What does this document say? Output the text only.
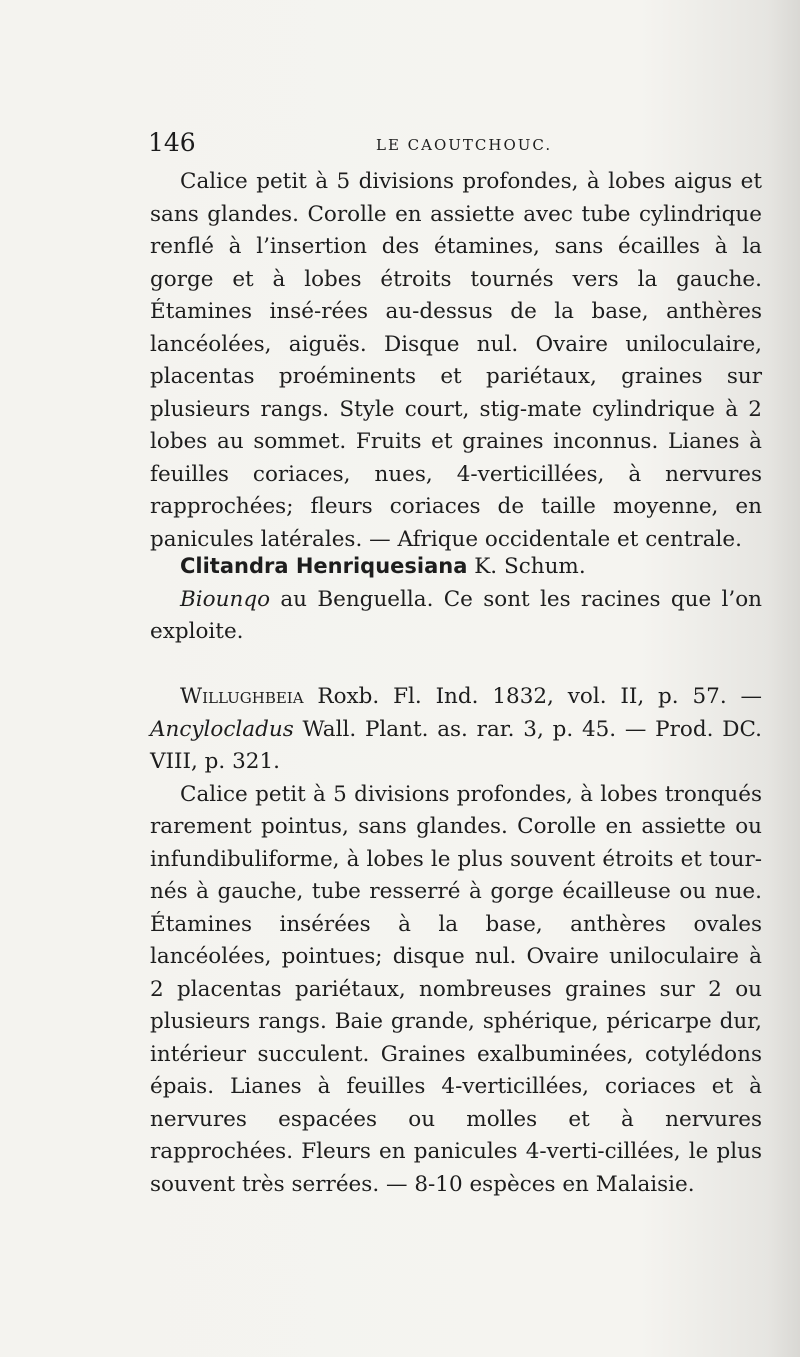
146	LE CAOUTCHOUC.

Calice petit à 5 divisions profondes, à lobes aigus et sans glandes. Corolle en assiette avec tube cylindrique renflé à l’insertion des étamines, sans écailles à la gorge et à lobes étroits tournés vers la gauche. Étamines insé-rées au-dessus de la base, anthères lancéolées, aiguës. Disque nul. Ovaire uniloculaire, placentas proéminents et pariétaux, graines sur plusieurs rangs. Style court, stig-mate cylindrique à 2 lobes au sommet. Fruits et graines inconnus. Lianes à feuilles coriaces, nues, 4-verticillées, à nervures rapprochées; fleurs coriaces de taille moyenne, en panicules latérales. — Afrique occidentale et centrale.

Clitandra Henriquesiana K. Schum.

Biounqo au Benguella. Ce sont les racines que l’on exploite.

Willughbeia Roxb. Fl. Ind. 1832, vol. II, p. 57. — Ancylocladus Wall. Plant. as. rar. 3, p. 45. — Prod. DC. VIII, p. 321.

Calice petit à 5 divisions profondes, à lobes tronqués rarement pointus, sans glandes. Corolle en assiette ou infundibuliforme, à lobes le plus souvent étroits et tour-nés à gauche, tube resserré à gorge écailleuse ou nue. Étamines insérées à la base, anthères ovales lancéolées, pointues; disque nul. Ovaire uniloculaire à 2 placentas pariétaux, nombreuses graines sur 2 ou plusieurs rangs. Baie grande, sphérique, péricarpe dur, intérieur succulent. Graines exalbuminées, cotylédons épais. Lianes à feuilles 4-verticillées, coriaces et à nervures espacées ou molles et à nervures rapprochées. Fleurs en panicules 4-verti-cillées, le plus souvent très serrées. — 8-10 espèces en Malaisie.
